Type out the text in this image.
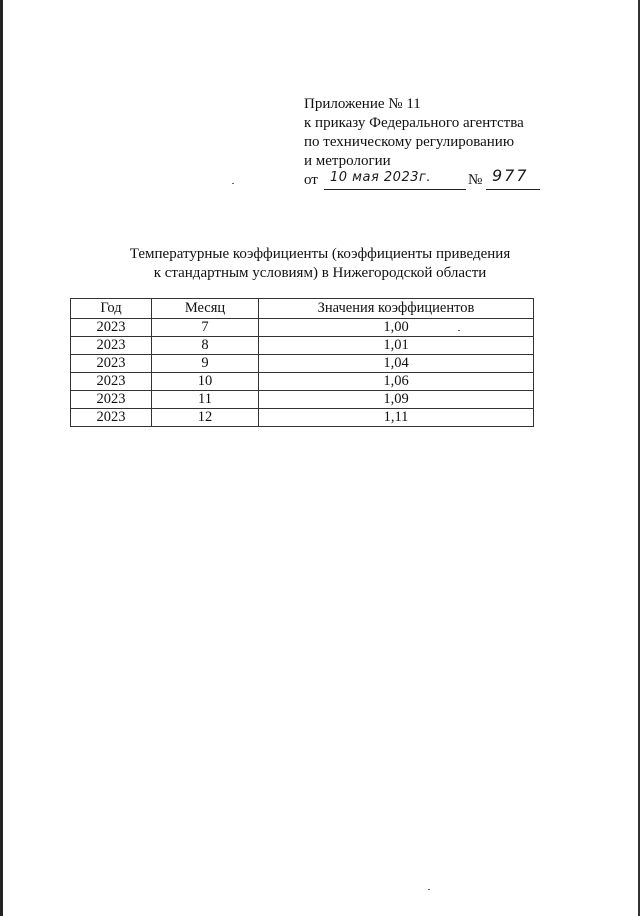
Приложение № 11
к приказу Федерального агентства
по техническому регулированию
и метрологии
от 10 мая 2023г. № 977
Температурные коэффициенты (коэффициенты приведения
к стандартным условиям) в Нижегородской области
Год	Месяц	Значения коэффициентов
2023	7	1,00
2023	8	1,01
2023	9	1,04
2023	10	1,06
2023	11	1,09
2023	12	1,11
